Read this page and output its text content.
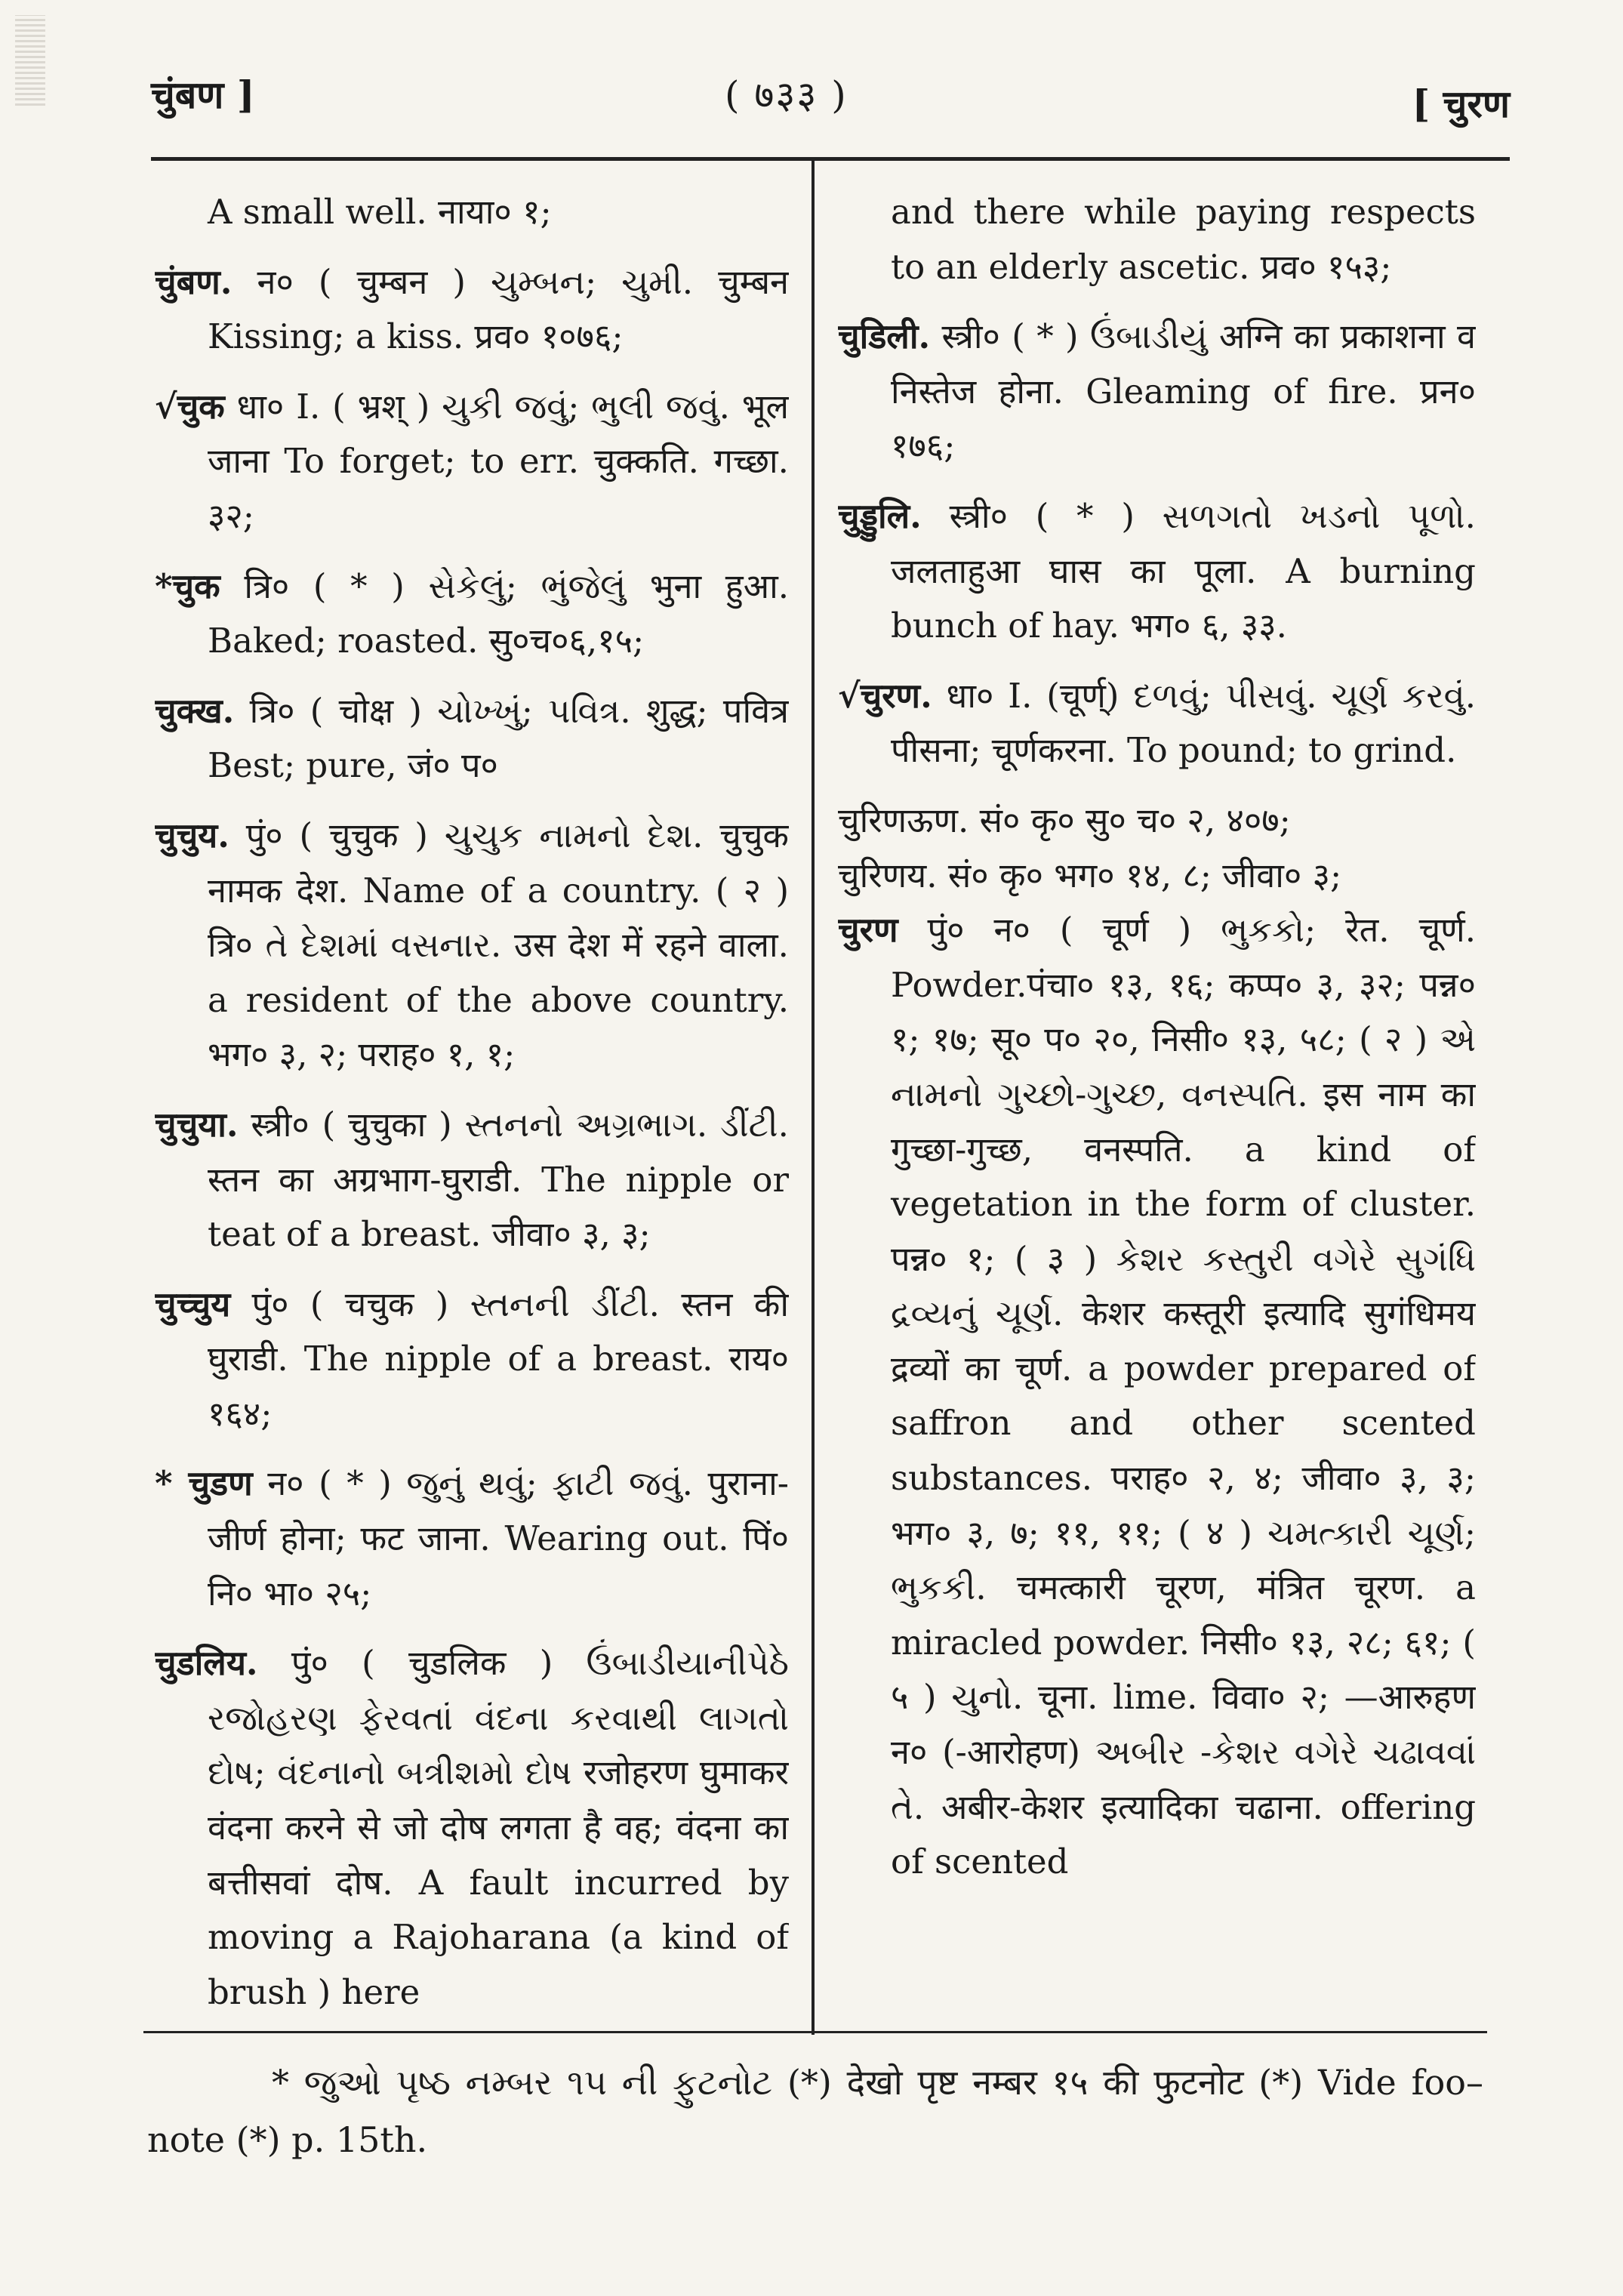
चुंबण ]	( ७३३ )	[ चुरण

A small well. नाया० १;

चुंबण. न० ( चुम्बन ) ચુમ્બન; ચુમી. चुम्बन Kissing; a kiss. प्रव० १०७६;

√चुक धा० I. ( भ्रश् ) ચુકી જવું; ભુલી જવું. भूल जाना To forget; to err. चुक्कति. गच्छा. ३२;

*चुक त्रि० ( * ) સેકેલું; ભુંજેલું भुना हुआ. Baked; roasted. सु०च०६,१५;

चुक्ख. त्रि० ( चोक्ष ) ચોખ્ખું; પવિત્ર. शुद्ध; पवित्र Best; pure, जं० प०

चुचुय. पुं० ( चुचुक ) ચુચુક નામનો દેશ. चुचुक नामक देश. Name of a country. ( २ ) त्रि० તે દેશમાં વસનાર. उस देश में रहने वाला. a resident of the above country. भग० ३, २; पराह० १, १;

चुचुया. स्त्री० ( चुचुका ) સ્તનનો અગ્રભાગ. ડીંટી. स्तन का अग्रभाग-घुराडी. The nipple or teat of a breast. जीवा० ३, ३;

चुच्चुय पुं० ( चचुक ) સ્તનની ડીંટી. स्तन की घुराडी. The nipple of a breast. राय० १६४;

* चुडण न० ( * ) જુનું થવું; ફાટી જવું. पुराना-जीर्ण होना; फट जाना. Wearing out. पिं० नि० भा० २५;

चुडलिय. पुं० ( चुडलिक ) ઉંબાડીયાનીપેઠે રજોહરણ ફેરવતાં વંદના કરવાથી લાગતો દોષ; વંદનાનો બત્રીશમો દોષ रजोहरण घुमाकर वंदना करने से जो दोष लगता है वह; वंदना का बत्तीसवां दोष. A fault incurred by moving a Rajoharana (a kind of brush ) here

and there while paying respects to an elderly ascetic. प्रव० १५३;

चुडिली. स्त्री० ( * ) ઉંબાડીયું अग्नि का प्रकाशना व निस्तेज होना. Gleaming of fire. प्रन० १७६;

चुड्डुलि. स्त्री० ( * ) સળગતો ખડનો પૂળો. जलताहुआ घास का पूला. A burning bunch of hay. भग० ६, ३३.

√चुरण. धा० I. (चूर्ण्) દળવું; પીસવું. ચૂર્ણ કરવું. पीसना; चूर्णकरना. To pound; to grind.

चुरिणऊण. सं० कृ० सु० च० २, ४०७;

चुरिणय. सं० कृ० भग० १४, ८; जीवा० ३;

चुरण पुं० न० ( चूर्ण ) ભુકકો; रेत. चूर्ण. Powder.पंचा० १३, १६; कप्प० ३, ३२; पन्न० १; १७; सू० प० २०, निसी० १३, ५८; ( २ ) એ નામનો ગુચ્છો-ગુચ્છ, વનસ્પતિ. इस नाम का गुच्छा-गुच्छ, वनस्पति. a kind of vegetation in the form of cluster. पन्न० १; ( ३ ) કેશર કસ્તુરી વગેરે સુગંધિ દ્રવ્યનું ચૂર્ણ. केशर कस्तूरी इत्यादि सुगंधिमय द्रव्यों का चूर्ण. a powder prepared of saffron and other scented substances. पराह० २, ४; जीवा० ३, ३; भग० ३, ७; ११, ११; ( ४ ) ચમત્કારી ચૂર્ણ; ભુકકી. चमत्कारी चूरण, मंत्रित चूरण. a miracled powder. निसी० १३, २८; ६१; ( ५ ) ચુનો. चूना. lime. विवा० २; —आरुहण न० (-आरोहण) અબીર -કેશર વગેરે ચઢાવવાં તે. अबीर-केशर इत्यादिका चढाना. offering of scented

* જુઓ પૃષ્ઠ નમ્બર ૧૫ ની ફુટનોટ (*) देखो पृष्ट नम्बर १५ की फुटनोट (*) Vide foo–note (*) p. 15th.
